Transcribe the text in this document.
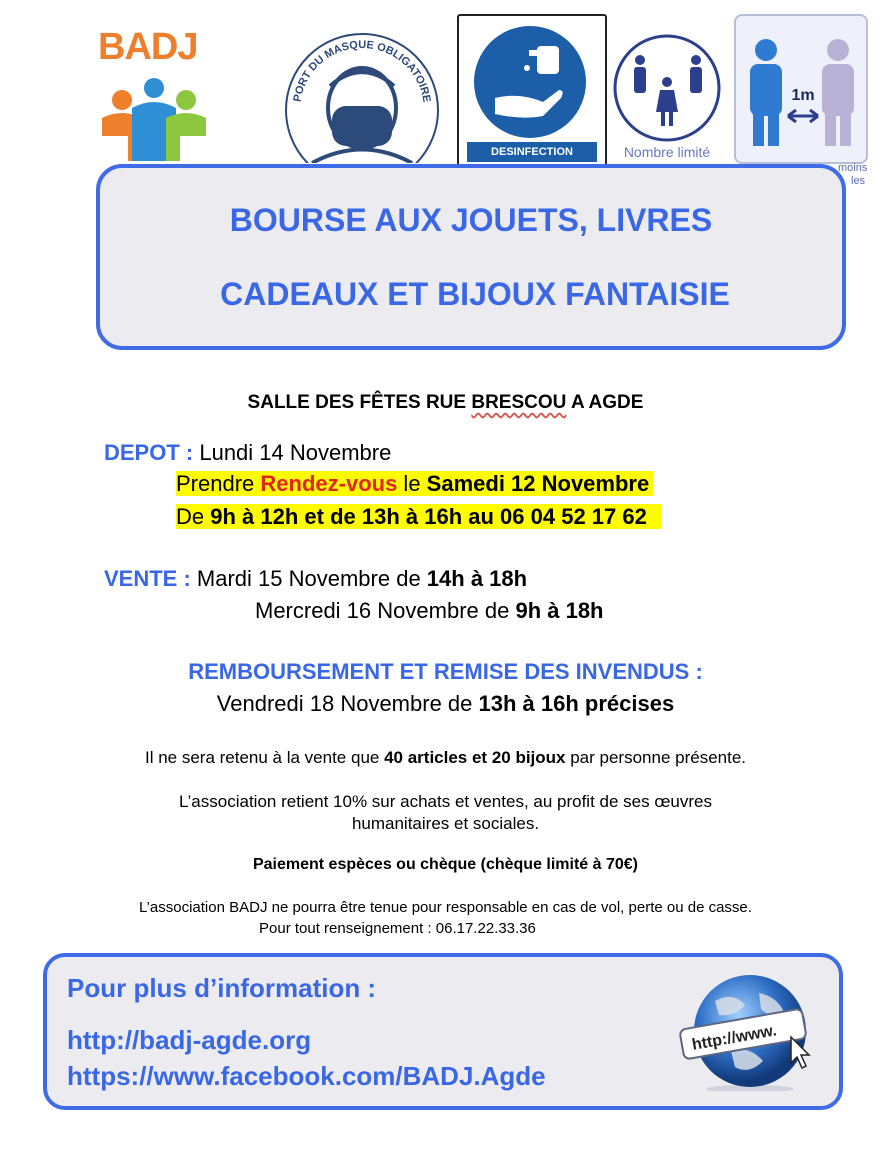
BADJ
PORT DU MASQUE OBLIGATOIRE
DESINFECTION	Nombre limité
1m
moins
les
BOURSE AUX JOUETS, LIVRES
CADEAUX ET BIJOUX FANTAISIE
SALLE DES FÊTES RUE BRESCOU A AGDE
DEPOT : Lundi 14 Novembre
Prendre Rendez-vous le Samedi 12 Novembre
De 9h à 12h et de 13h à 16h au 06 04 52 17 62
VENTE : Mardi 15 Novembre de 14h à 18h
Mercredi 16 Novembre de 9h à 18h
REMBOURSEMENT ET REMISE DES INVENDUS :
Vendredi 18 Novembre de 13h à 16h précises
Il ne sera retenu à la vente que 40 articles et 20 bijoux par personne présente.
L’association retient 10% sur achats et ventes, au profit de ses œuvres
humanitaires et sociales.
Paiement espèces ou chèque (chèque limité à 70€)
L’association BADJ ne pourra être tenue pour responsable en cas de vol, perte ou de casse.
Pour tout renseignement : 06.17.22.33.36
Pour plus d’information :
http://badj-agde.org
https://www.facebook.com/BADJ.Agde
http://www.
